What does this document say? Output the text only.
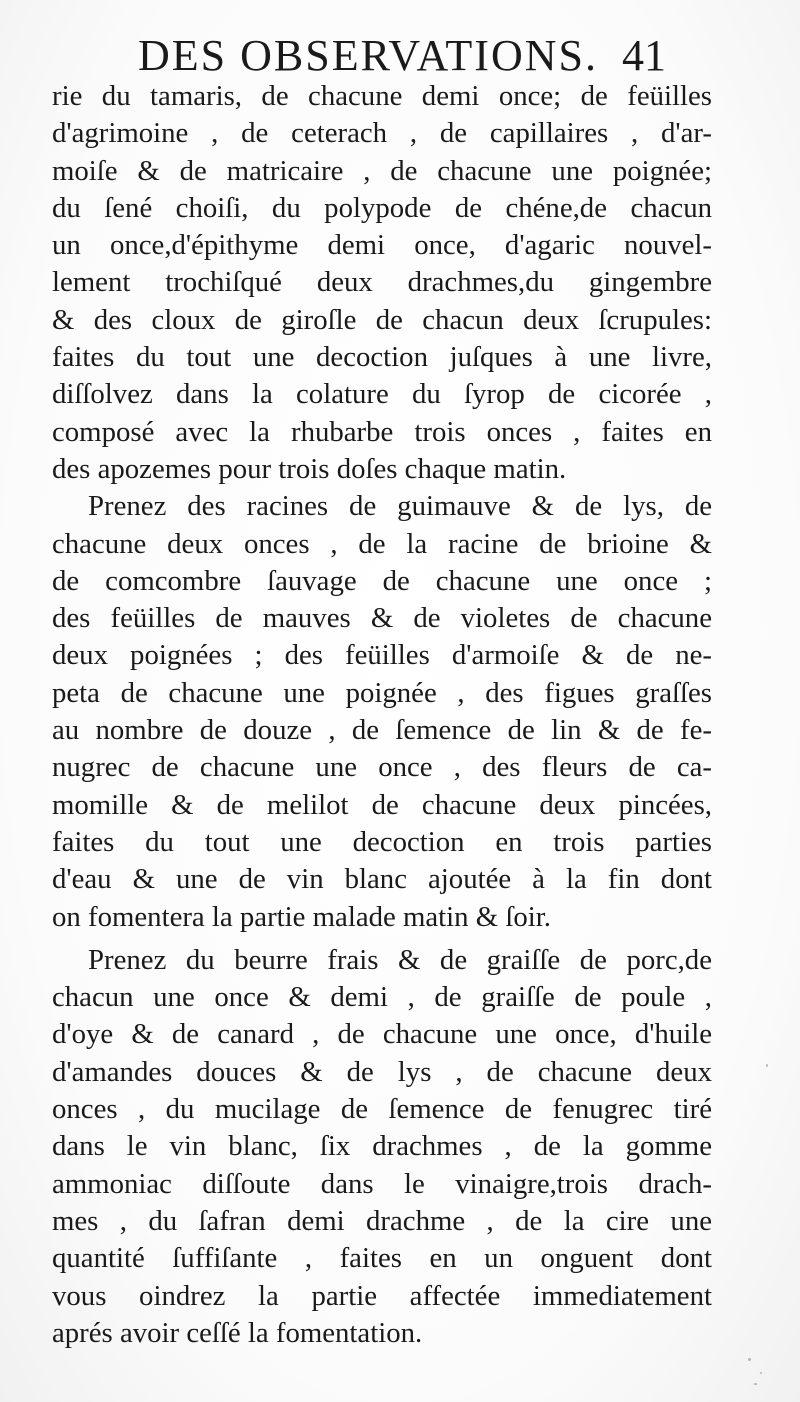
DES OBSERVATIONS. 41
rie du tamaris, de chacune demi once; de feüilles
d'agrimoine , de ceterach , de capillaires , d'ar-
moiſe & de matricaire , de chacune une poignée;
du ſené choiſi, du polypode de chéne,de chacun
un once,d'épithyme demi once, d'agaric nouvel-
lement trochiſqué deux drachmes,du gingembre
& des cloux de giroſle de chacun deux ſcrupules:
faites du tout une decoction juſques à une livre,
diſſolvez dans la colature du ſyrop de cicorée ,
composé avec la rhubarbe trois onces , faites en
des apozemes pour trois doſes chaque matin.
Prenez des racines de guimauve & de lys, de
chacune deux onces , de la racine de brioine &
de comcombre ſauvage de chacune une once ;
des feüilles de mauves & de violetes de chacune
deux poignées ; des feüilles d'armoiſe & de ne-
peta de chacune une poignée , des figues graſſes
au nombre de douze , de ſemence de lin & de fe-
nugrec de chacune une once , des fleurs de ca-
momille & de melilot de chacune deux pincées,
faites du tout une decoction en trois parties
d'eau & une de vin blanc ajoutée à la fin dont
on fomentera la partie malade matin & ſoir.
Prenez du beurre frais & de graiſſe de porc,de
chacun une once & demi , de graiſſe de poule ,
d'oye & de canard , de chacune une once, d'huile
d'amandes douces & de lys , de chacune deux
onces , du mucilage de ſemence de fenugrec tiré
dans le vin blanc, ſix drachmes , de la gomme
ammoniac diſſoute dans le vinaigre,trois drach-
mes , du ſafran demi drachme , de la cire une
quantité ſuffiſante , faites en un onguent dont
vous oindrez la partie affectée immediatement
aprés avoir ceſſé la fomentation.
